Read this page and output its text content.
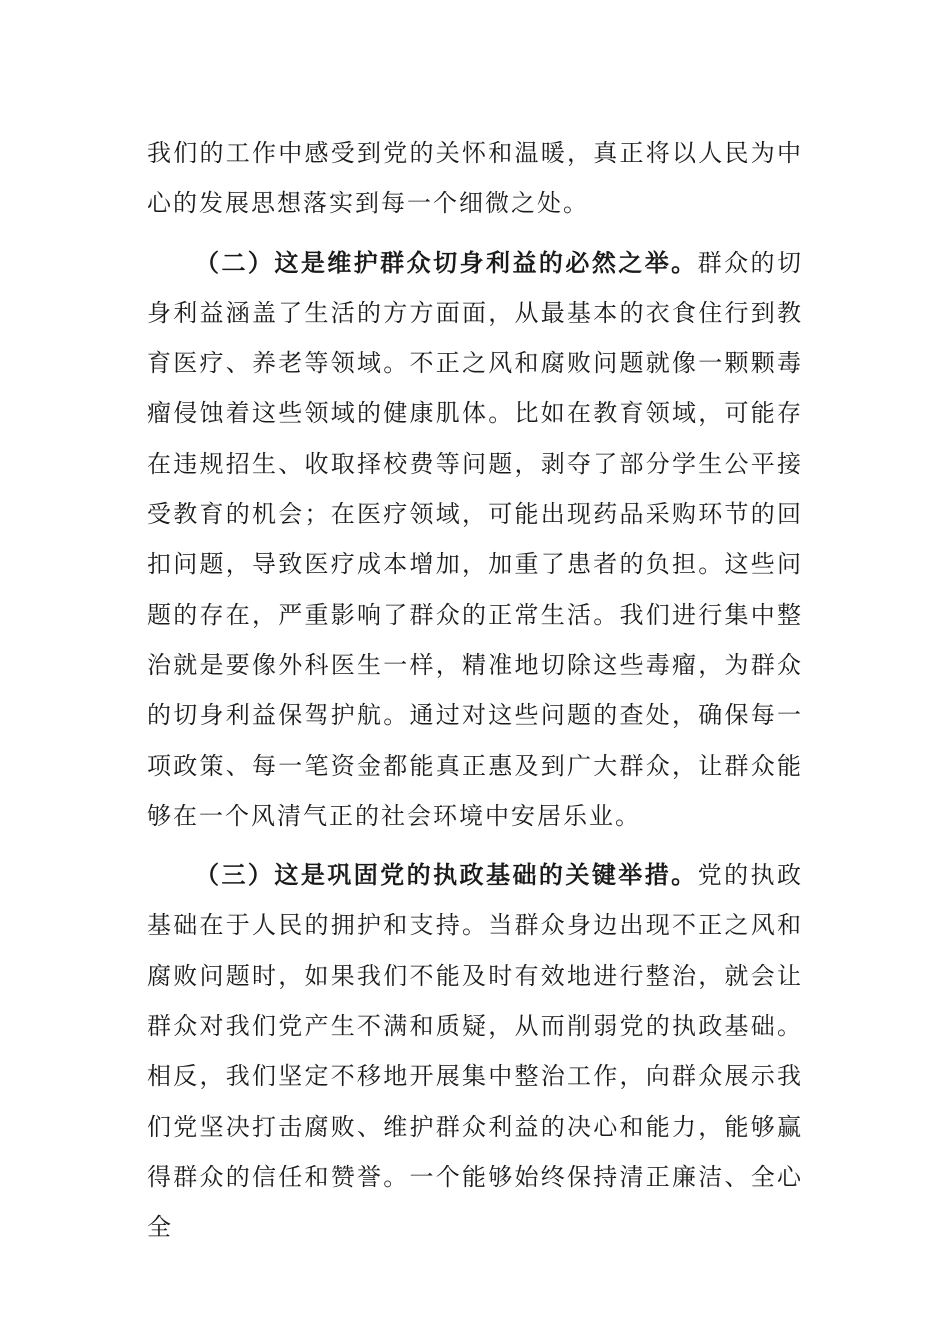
我们的工作中感受到党的关怀和温暖，真正将以人民为中心的发展思想落实到每一个细微之处。

（二）这是维护群众切身利益的必然之举。群众的切身利益涵盖了生活的方方面面，从最基本的衣食住行到教育医疗、养老等领域。不正之风和腐败问题就像一颗颗毒瘤侵蚀着这些领域的健康肌体。比如在教育领域，可能存在违规招生、收取择校费等问题，剥夺了部分学生公平接受教育的机会；在医疗领域，可能出现药品采购环节的回扣问题，导致医疗成本增加，加重了患者的负担。这些问题的存在，严重影响了群众的正常生活。我们进行集中整治就是要像外科医生一样，精准地切除这些毒瘤，为群众的切身利益保驾护航。通过对这些问题的查处，确保每一项政策、每一笔资金都能真正惠及到广大群众，让群众能够在一个风清气正的社会环境中安居乐业。

（三）这是巩固党的执政基础的关键举措。党的执政基础在于人民的拥护和支持。当群众身边出现不正之风和腐败问题时，如果我们不能及时有效地进行整治，就会让群众对我们党产生不满和质疑，从而削弱党的执政基础。相反，我们坚定不移地开展集中整治工作，向群众展示我们党坚决打击腐败、维护群众利益的决心和能力，能够赢得群众的信任和赞誉。一个能够始终保持清正廉洁、全心全
